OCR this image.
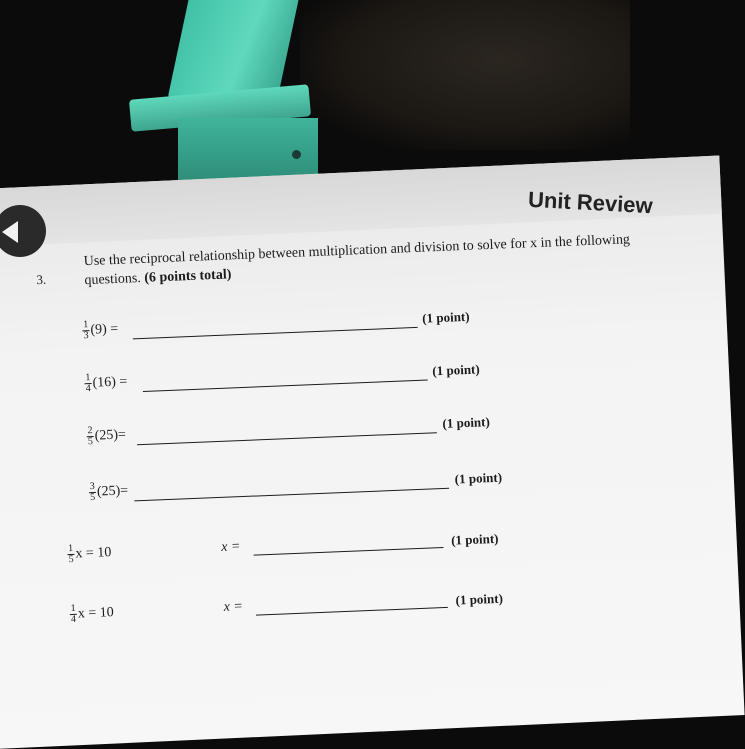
Unit Review
3.
Use the reciprocal relationship between multiplication and division to solve for x in the following questions. (6 points total)
$\frac{1}{3} (9)$ =
(1 point)
$\frac{1}{4} (16)$ =
(1 point)
$\frac{2}{5} (25)=$
(1 point)
$\frac{3}{5} (25)=$
(1 point)
$\frac{1}{5}$ x = 10	x =	(1 point)
$\frac{1}{4}$ x = 10	x =	(1 point)
